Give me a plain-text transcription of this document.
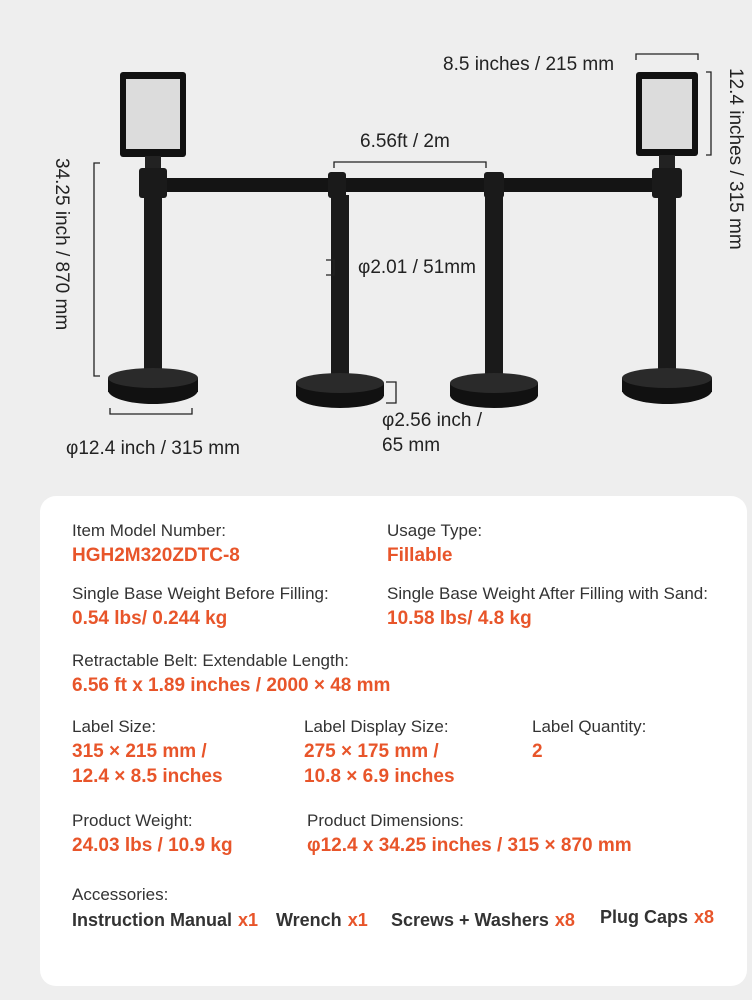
8.5 inches / 215 mm
12.4 inches / 315 mm
6.56ft / 2m
34.25 inch / 870 mm	φ2.01 / 51mm
φ12.4 inch / 315 mm
φ2.56 inch /
65 mm
Item Model Number:
HGH2M320ZDTC-8
Usage Type:
Fillable
Single Base Weight Before Filling:
0.54 lbs/ 0.244 kg
Single Base Weight After Filling with Sand:
10.58 lbs/ 4.8 kg
Retractable Belt: Extendable Length:
6.56 ft x 1.89 inches / 2000 × 48 mm
Label Size:
315 × 215 mm /
12.4 × 8.5 inches
Label Display Size:
275 × 175 mm /
10.8 × 6.9 inches
Label Quantity:
2
Product Weight:
24.03 lbs / 10.9 kg
Product Dimensions:
φ12.4 x 34.25 inches / 315 × 870 mm
Accessories:
Instruction Manual x1 Wrench x1 Screws + Washers x8 Plug Caps x8
